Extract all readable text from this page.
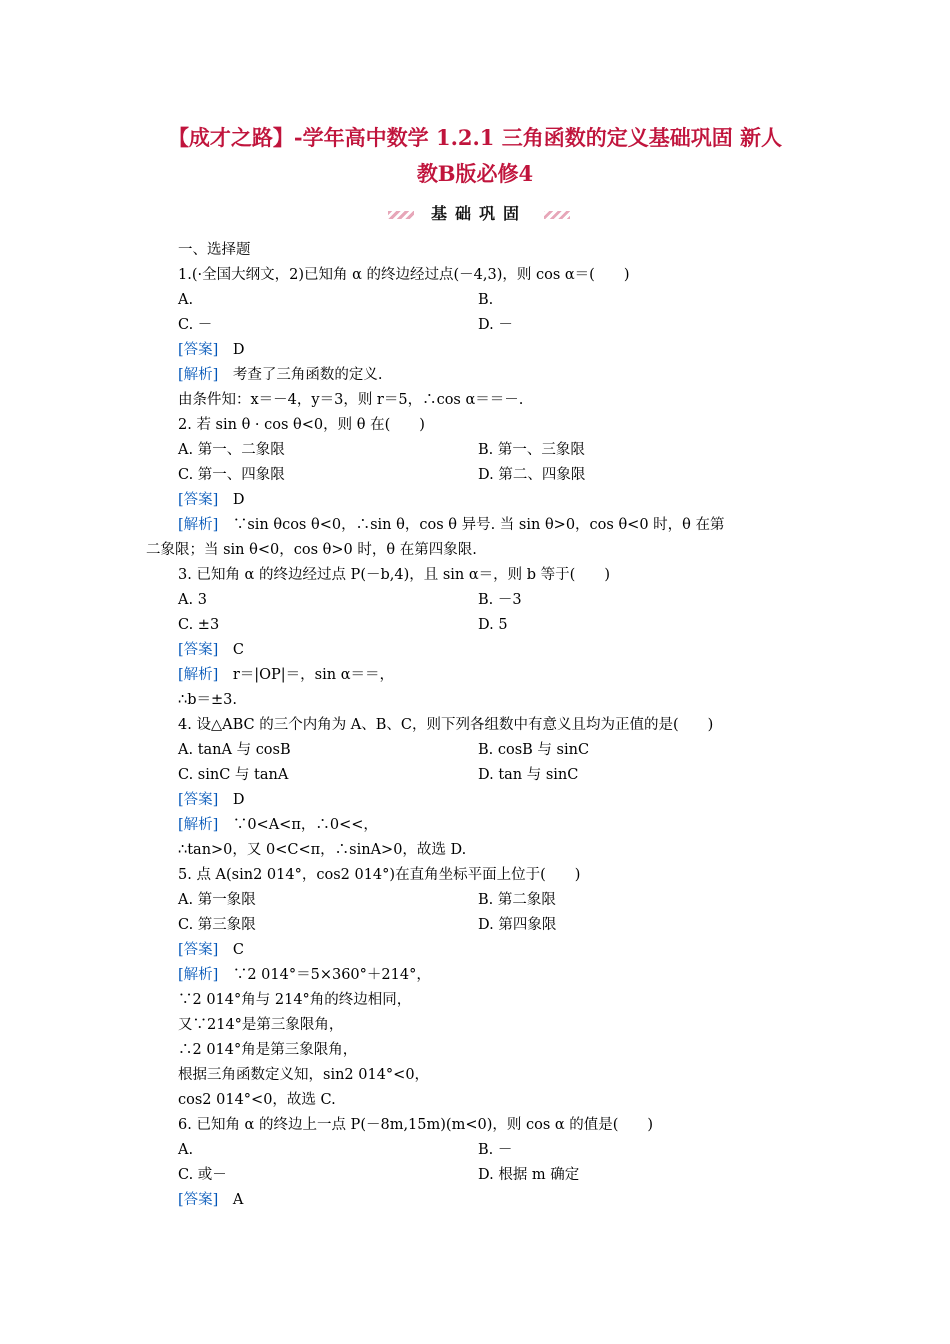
【成才之路】-学年高中数学 1.2.1 三角函数的定义基础巩固 新人
教B版必修4
基础巩固
一、选择题
1.(·全国大纲文，2)已知角 α 的终边经过点(－4,3)，则 cos α＝(　　)
A.	B.
C. －	D. －
[答案]　D
[解析]　考查了三角函数的定义.
由条件知：x＝－4，y＝3，则 r＝5，∴cos α＝＝－.
2. 若 sin θ · cos θ<0，则 θ 在(　　)
A. 第一、二象限	B. 第一、三象限
C. 第一、四象限	D. 第二、四象限
[答案]　D
[解析]　∵sin θcos θ<0，∴sin θ，cos θ 异号. 当 sin θ>0，cos θ<0 时，θ 在第
二象限；当 sin θ<0，cos θ>0 时，θ 在第四象限.
3. 已知角 α 的终边经过点 P(－b,4)，且 sin α＝，则 b 等于(　　)
A. 3	B. －3
C. ±3	D. 5
[答案]　C
[解析]　r＝|OP|＝，sin α＝＝，
∴b＝±3.
4. 设△ABC 的三个内角为 A、B、C，则下列各组数中有意义且均为正值的是(　　)
A. tanA 与 cosB	B. cosB 与 sinC
C. sinC 与 tanA	D. tan 与 sinC
[答案]　D
[解析]　∵0<A<π，∴0<<，
∴tan>0，又 0<C<π，∴sinA>0，故选 D.
5. 点 A(sin2 014°，cos2 014°)在直角坐标平面上位于(　　)
A. 第一象限	B. 第二象限
C. 第三象限	D. 第四象限
[答案]　C
[解析]　∵2 014°＝5×360°＋214°，
∵2 014°角与 214°角的终边相同，
又∵214°是第三象限角，
∴2 014°角是第三象限角，
根据三角函数定义知，sin2 014°<0，
cos2 014°<0，故选 C.
6. 已知角 α 的终边上一点 P(－8m,15m)(m<0)，则 cos α 的值是(　　)
A.	B. －
C. 或－	D. 根据 m 确定
[答案]　A
